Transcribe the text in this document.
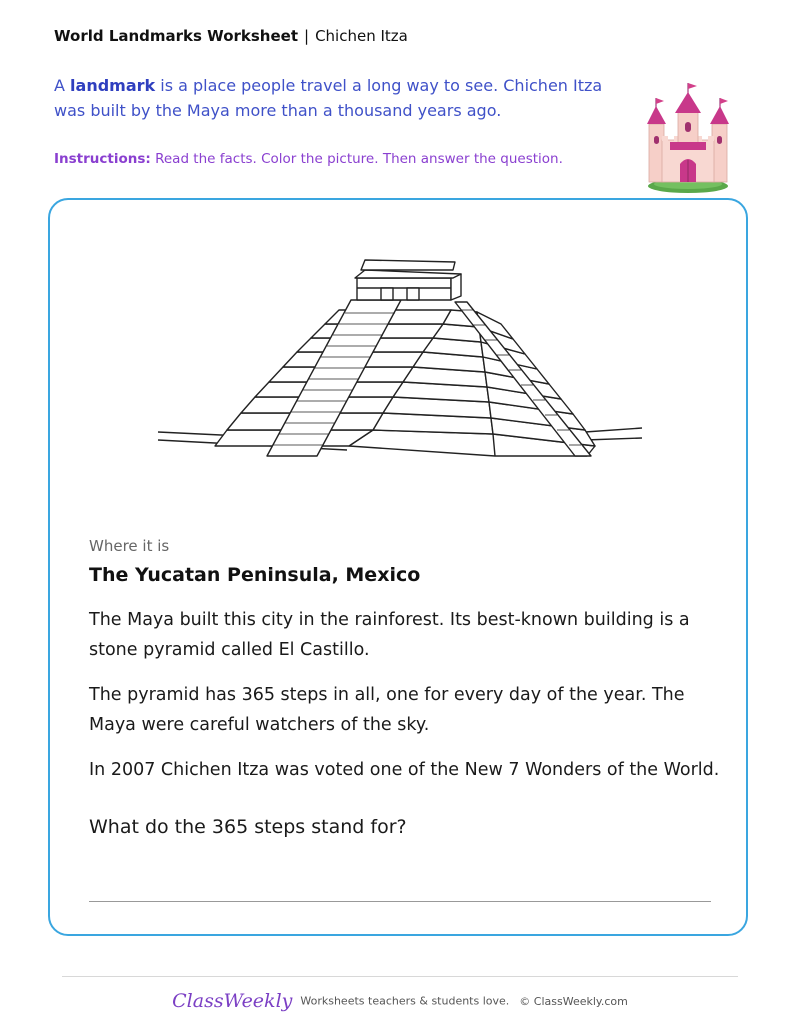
World Landmarks Worksheet | Chichen Itza
A landmark is a place people travel a long way to see. Chichen Itza was built by the Maya more than a thousand years ago.
Instructions: Read the facts. Color the picture. Then answer the question.
Where it is
The Yucatan Peninsula, Mexico
The Maya built this city in the rainforest. Its best-known building is a stone pyramid called El Castillo.
The pyramid has 365 steps in all, one for every day of the year. The Maya were careful watchers of the sky.
In 2007 Chichen Itza was voted one of the New 7 Wonders of the World.
What do the 365 steps stand for?
ClassWeekly Worksheets teachers & students love. © ClassWeekly.com
